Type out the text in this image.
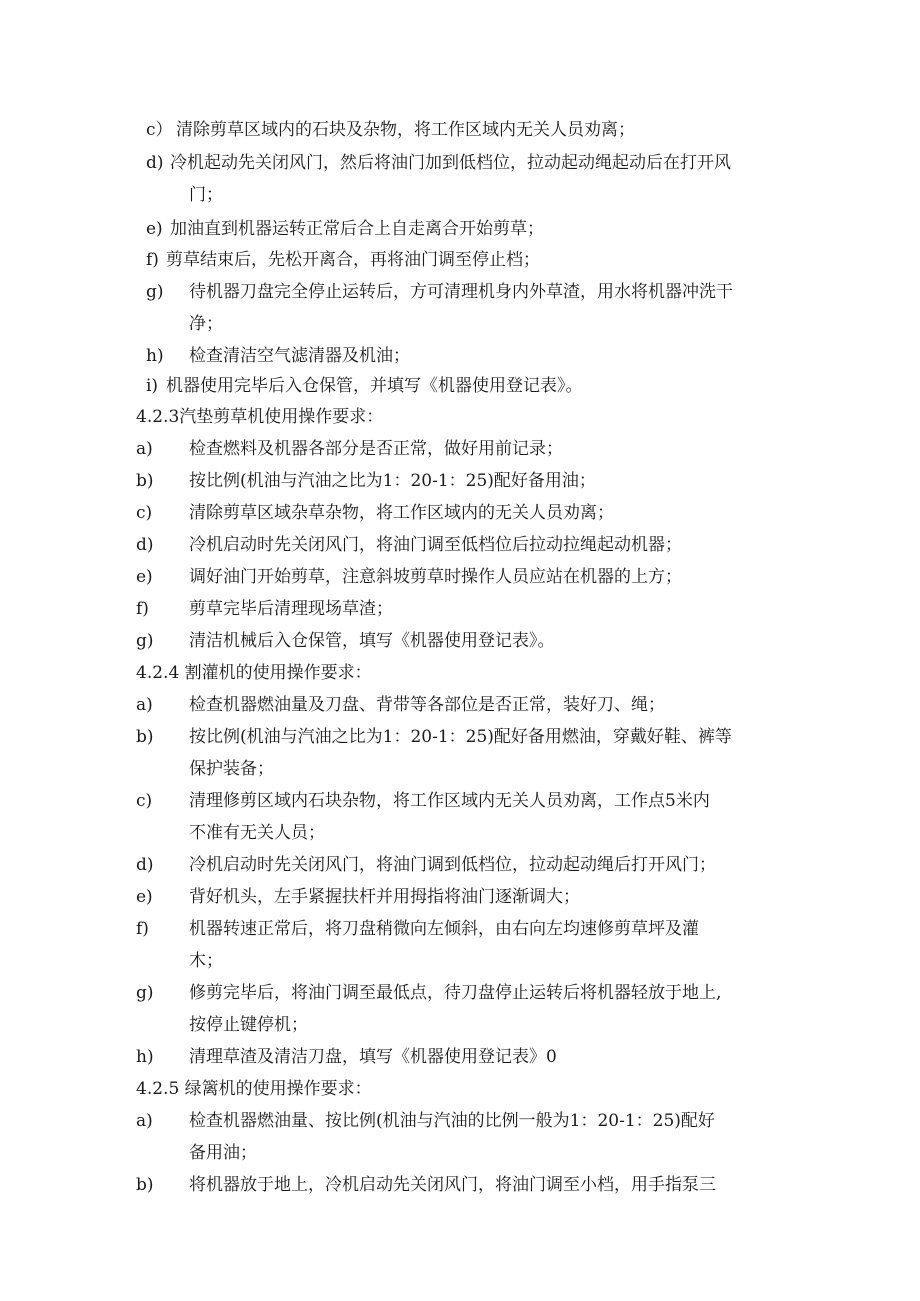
c） 清除剪草区域内的石块及杂物，将工作区域内无关人员劝离；
d) 冷机起动先关闭风门，然后将油门加到低档位，拉动起动绳起动后在打开风
门；
e) 加油直到机器运转正常后合上自走离合开始剪草；
f) 剪草结束后，先松开离合，再将油门调至停止档；
g) 待机器刀盘完全停止运转后，方可清理机身内外草渣，用水将机器冲洗干
净；
h) 检查清洁空气滤清器及机油；
i) 机器使用完毕后入仓保管，并填写《机器使用登记表》。
4.2.3汽垫剪草机使用操作要求：
a) 检查燃料及机器各部分是否正常，做好用前记录；
b) 按比例(机油与汽油之比为1：20-1：25)配好备用油；
c) 清除剪草区域杂草杂物，将工作区域内的无关人员劝离；
d) 冷机启动时先关闭风门，将油门调至低档位后拉动拉绳起动机器；
e) 调好油门开始剪草，注意斜坡剪草时操作人员应站在机器的上方；
f) 剪草完毕后清理现场草渣；
g) 清洁机械后入仓保管，填写《机器使用登记表》。
4.2.4 割灌机的使用操作要求：
a) 检查机器燃油量及刀盘、背带等各部位是否正常，装好刀、绳；
b) 按比例(机油与汽油之比为1：20-1：25)配好备用燃油，穿戴好鞋、裤等
保护装备；
c) 清理修剪区域内石块杂物，将工作区域内无关人员劝离，工作点5米内
不准有无关人员；
d) 冷机启动时先关闭风门，将油门调到低档位，拉动起动绳后打开风门；
e) 背好机头，左手紧握扶杆并用拇指将油门逐渐调大；
f) 机器转速正常后，将刀盘稍微向左倾斜，由右向左均速修剪草坪及灌
木；
g) 修剪完毕后，将油门调至最低点，待刀盘停止运转后将机器轻放于地上,
按停止键停机；
h) 清理草渣及清洁刀盘，填写《机器使用登记表》0
4.2.5 绿篱机的使用操作要求：
a) 检查机器燃油量、按比例(机油与汽油的比例一般为1：20-1：25)配好
备用油；
b) 将机器放于地上，冷机启动先关闭风门，将油门调至小档，用手指泵三
